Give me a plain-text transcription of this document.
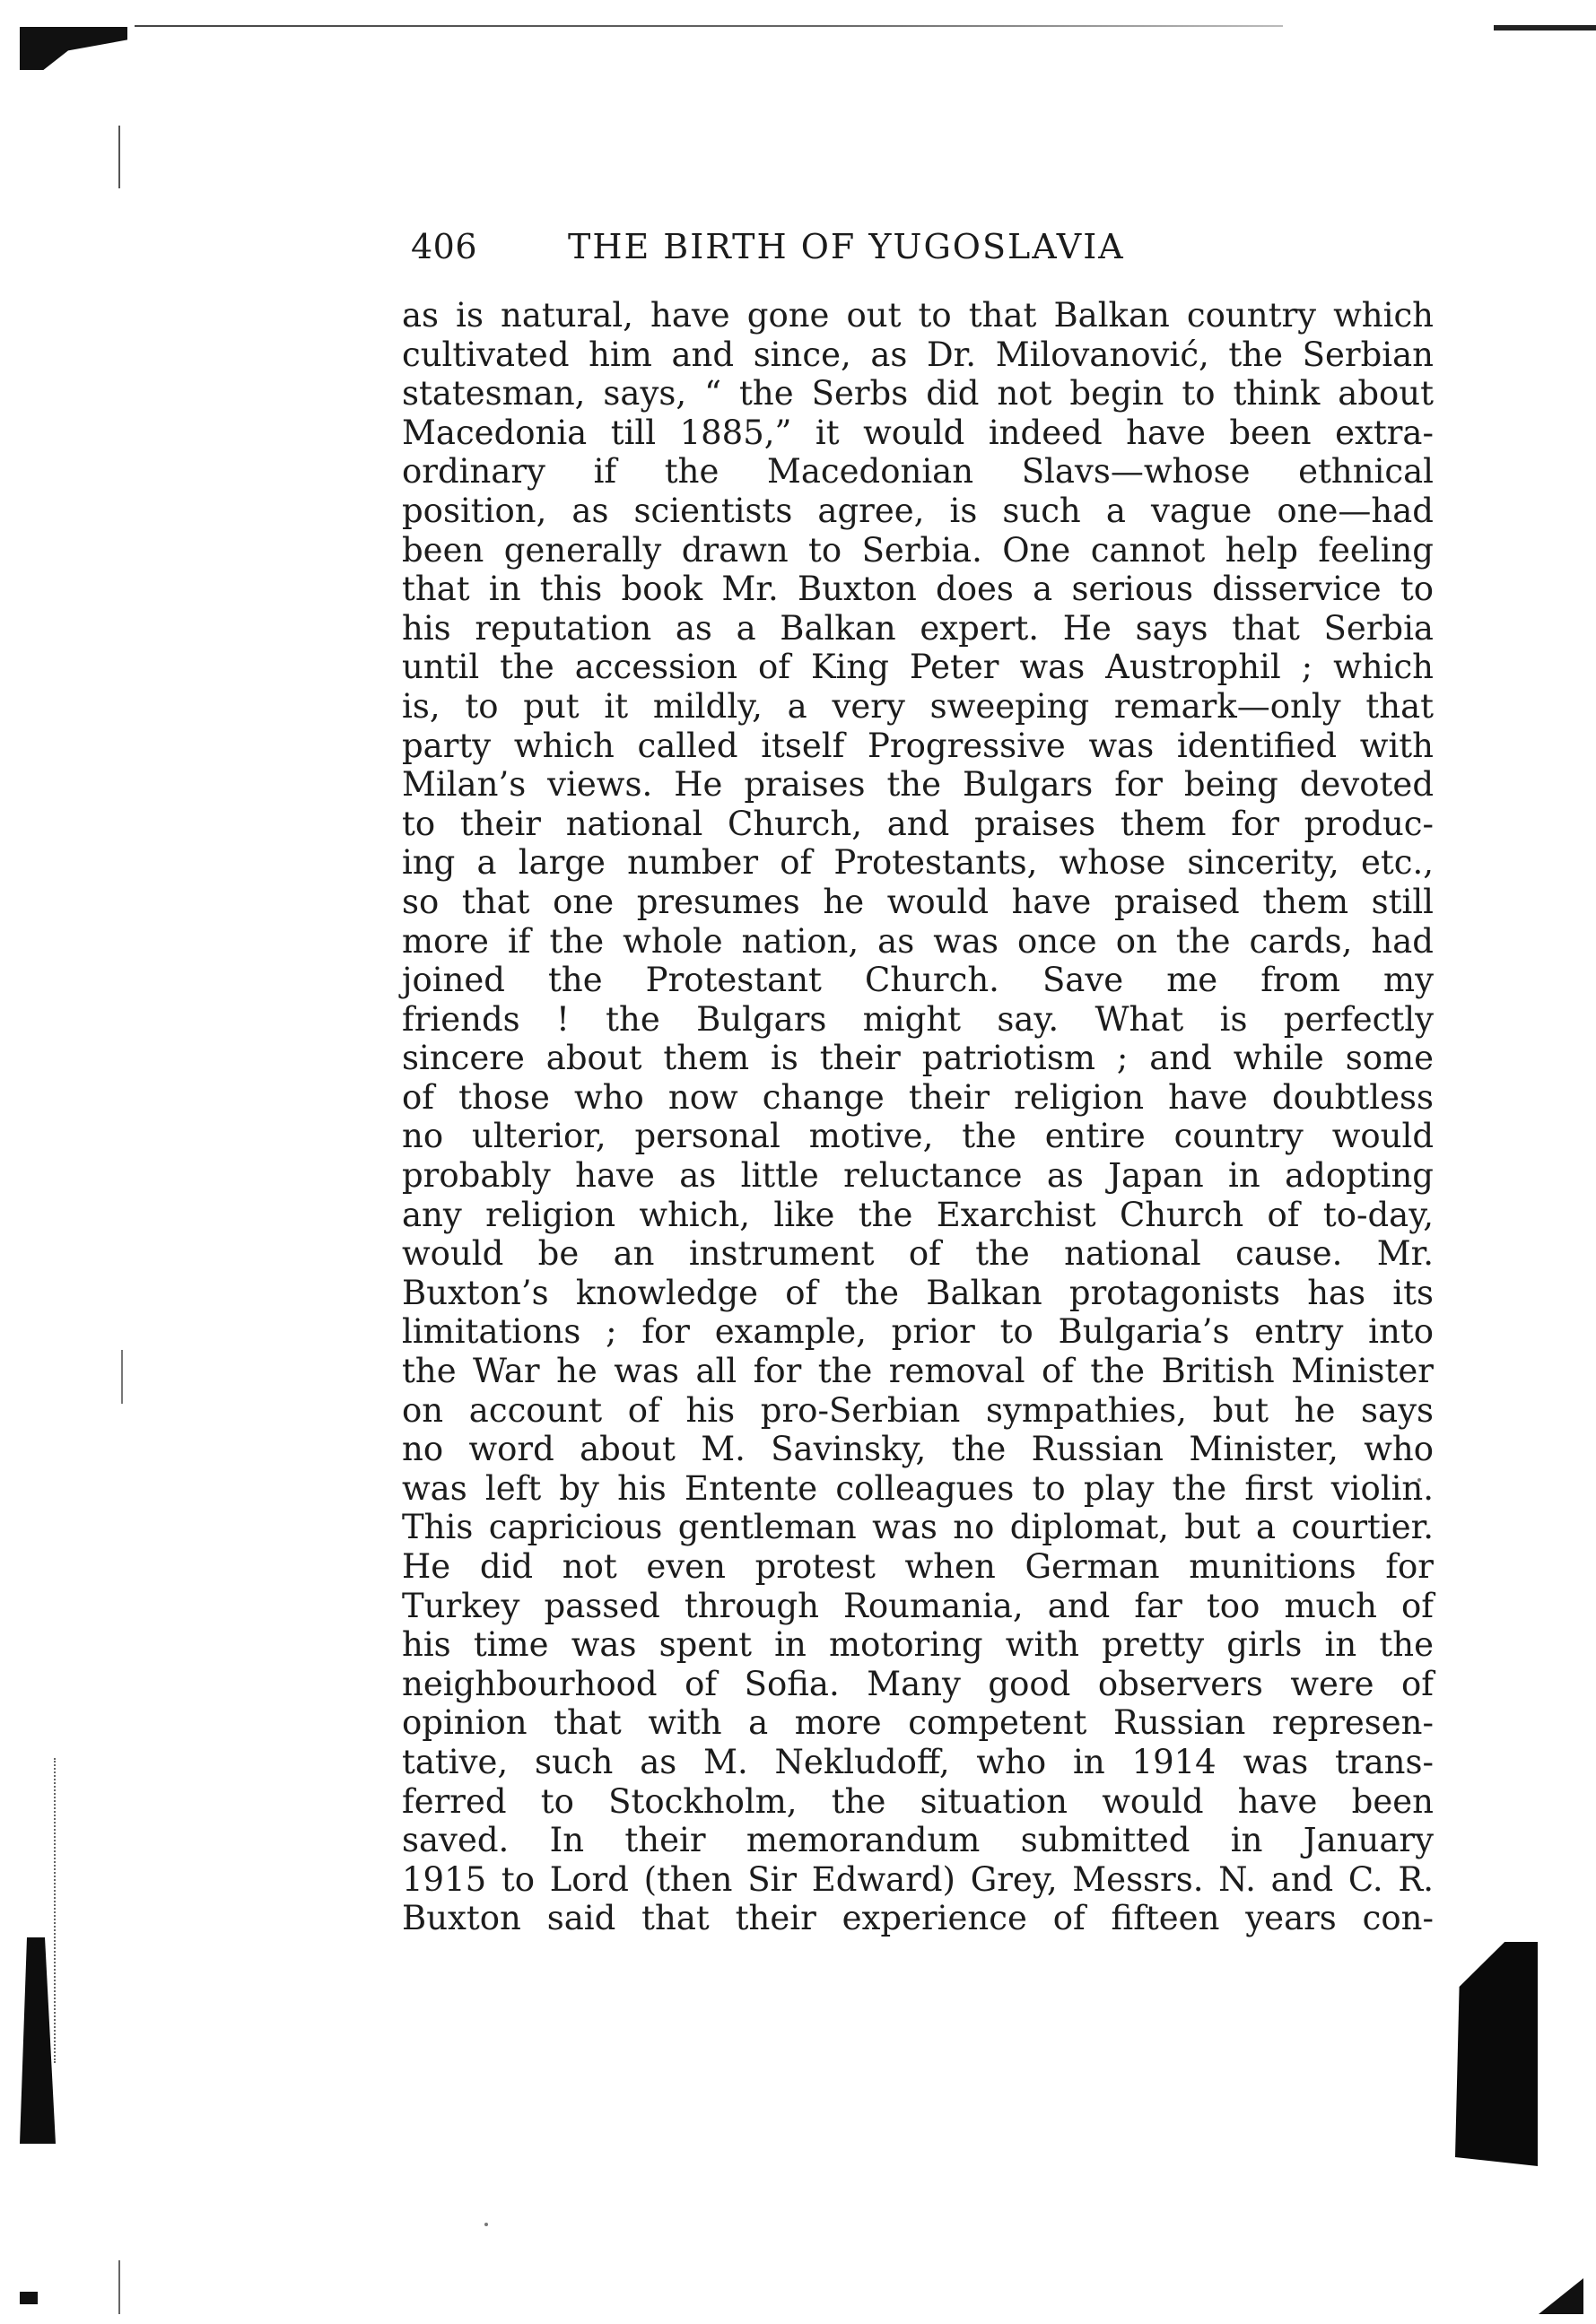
406	THE BIRTH OF YUGOSLAVIA
as is natural, have gone out to that Balkan country which
cultivated him and since, as Dr. Milovanović, the Serbian
statesman, says, “ the Serbs did not begin to think about
Macedonia till 1885,” it would indeed have been extra-
ordinary if the Macedonian Slavs—whose ethnical
position, as scientists agree, is such a vague one—had
been generally drawn to Serbia. One cannot help feeling
that in this book Mr. Buxton does a serious disservice to
his reputation as a Balkan expert. He says that Serbia
until the accession of King Peter was Austrophil ; which
is, to put it mildly, a very sweeping remark—only that
party which called itself Progressive was identified with
Milan’s views. He praises the Bulgars for being devoted
to their national Church, and praises them for produc-
ing a large number of Protestants, whose sincerity, etc.,
so that one presumes he would have praised them still
more if the whole nation, as was once on the cards, had
joined the Protestant Church. Save me from my
friends ! the Bulgars might say. What is perfectly
sincere about them is their patriotism ; and while some
of those who now change their religion have doubtless
no ulterior, personal motive, the entire country would
probably have as little reluctance as Japan in adopting
any religion which, like the Exarchist Church of to-day,
would be an instrument of the national cause. Mr.
Buxton’s knowledge of the Balkan protagonists has its
limitations ; for example, prior to Bulgaria’s entry into
the War he was all for the removal of the British Minister
on account of his pro-Serbian sympathies, but he says
no word about M. Savinsky, the Russian Minister, who
was left by his Entente colleagues to play the first violin.
This capricious gentleman was no diplomat, but a courtier.
He did not even protest when German munitions for
Turkey passed through Roumania, and far too much of
his time was spent in motoring with pretty girls in the
neighbourhood of Sofia. Many good observers were of
opinion that with a more competent Russian represen-
tative, such as M. Nekludoff, who in 1914 was trans-
ferred to Stockholm, the situation would have been
saved. In their memorandum submitted in January
1915 to Lord (then Sir Edward) Grey, Messrs. N. and C. R.
Buxton said that their experience of fifteen years con-
